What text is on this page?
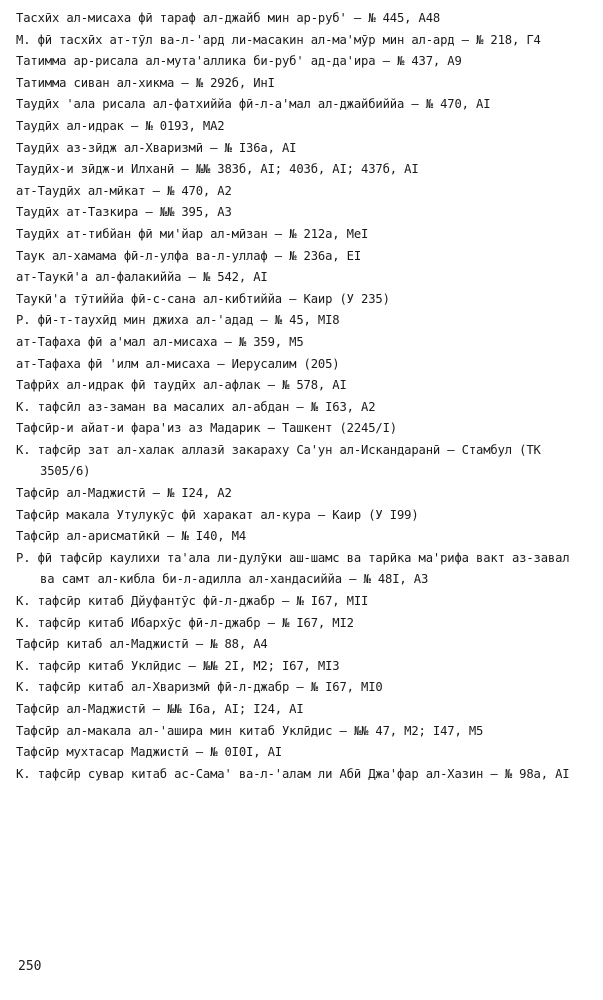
Тасхӣх ал-мисаха фӣ тараф ал-джайб мин ар-руб' – № 445, А48
М. фӣ тасхӣх ат-тӯл ва-л-'ард ли-масакин ал-ма'мӯр мин ал-ард – № 218, Г4
Татимма ар-рисала ал-мута'аллика би-руб' ад-да'ира – № 437, А9
Татимма сиван ал-хикма – № 292б, ИнI
Таудӣх 'ала рисала ал-фатхиййа фӣ-л-а'мал ал-джайбиййа – № 470, AI
Таудӣх ал-идрак – № 0193, МА2
Таудӣх аз-зӣдж ал-Хваризмӣ – № I36а, AI
Таудӣх-и зӣдж-и Илханӣ – №№ 383б, AI; 403б, AI; 437б, AI
ат-Таудӣх ал-мӣкат – № 470, А2
Таудӣх ат-Тазкира – №№ 395, А3
Таудӣх ат-тибйан фӣ ми'йар ал-мӣзан – № 212а, МеI
Таук ал-хамама фӣ-л-улфа ва-л-уллаф – № 236а, ЕI
ат-Таукӣ'а ал-фалакиййа – № 542, AI
Таукӣ'а тӯтиййа фӣ-с-сана ал-кибтиййа – Каир (У 235)
Р. фӣ-т-таухӣд мин джиха ал-'адад – № 45, МI8
ат-Тафаха фӣ а'мал ал-мисаха – № 359, М5
ат-Тафаха фӣ 'илм ал-мисаха – Иерусалим (205)
Тафрӣх ал-идрак фӣ таудӣх ал-афлак – № 578, AI
К. тафсӣл аз-заман ва масалих ал-абдан – № I63, А2
Тафсӣр-и айат-и фара'из аз Мадарик – Ташкент (2245/I)
К. тафсӣр зат ал-халак аллазӣ закараху Са'ун ал-Искандаранӣ – Стамбул (ТК 3505/6)
Тафсӣр ал-Маджистӣ – № I24, А2
Тафсӣр макала Утулукӯс фӣ харакат ал-кура – Каир (У I99)
Тафсӣр ал-арисматӣкӣ – № I40, М4
Р. фӣ тафсӣр каулихи та'ала ли-дулӯки аш-шамс ва тарӣка ма'рифа вакт аз-завал ва самт ал-кибла би-л-адилла ал-хандасиййа – № 48I, А3
К. тафсӣр китаб Дйуфантӯс фӣ-л-джабр – № I67, МII
К. тафсӣр китаб Ибархӯс фӣ-л-джабр – № I67, МI2
Тафсӣр китаб ал-Маджистӣ – № 88, А4
К. тафсӣр китаб Уклӣдис – №№ 2I, М2; I67, МI3
К. тафсӣр китаб ал-Хваризмӣ фӣ-л-джабр – № I67, МI0
Тафсӣр ал-Маджистӣ – №№ I6а, AI; I24, AI
Тафсӣр ал-макала ал-'ашира мин китаб Уклӣдис – №№ 47, М2; I47, М5
Тафсӣр мухтасар Маджистӣ – № 0I0I, AI
К. тафсӣр сувар китаб ас-Сама' ва-л-'алам ли Абӣ Джа'фар ал-Хазин – № 98а, AI
250
